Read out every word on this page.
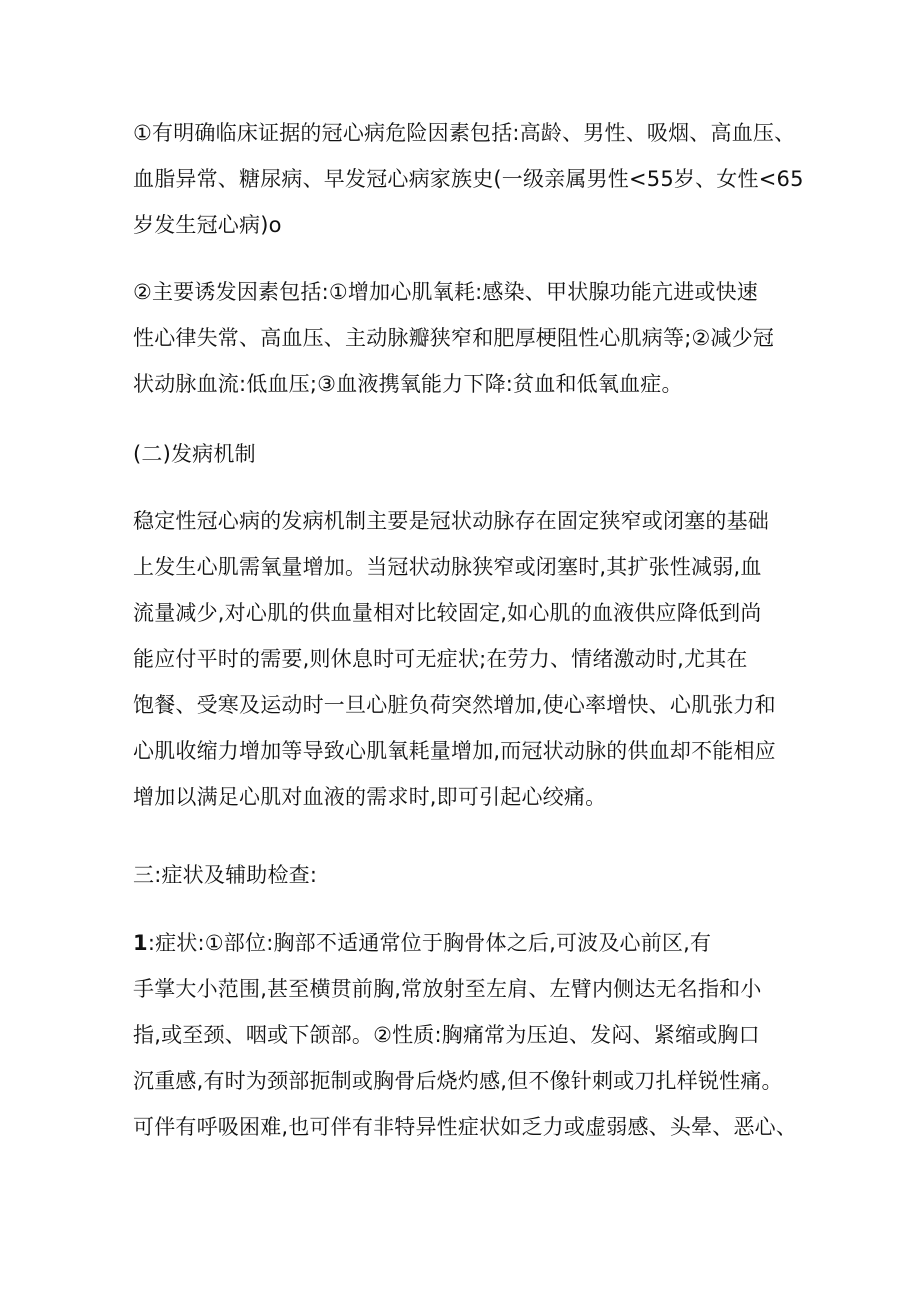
①有明确临床证据的冠心病危险因素包括:高龄、男性、吸烟、高血压、
血脂异常、糖尿病、早发冠心病家族史(一级亲属男性<55岁、女性<65
岁发生冠心病)o
②主要诱发因素包括:①增加心肌氧耗:感染、甲状腺功能亢进或快速
性心律失常、高血压、主动脉瓣狭窄和肥厚梗阻性心肌病等;②减少冠
状动脉血流:低血压;③血液携氧能力下降:贫血和低氧血症。
(二)发病机制
稳定性冠心病的发病机制主要是冠状动脉存在固定狭窄或闭塞的基础
上发生心肌需氧量增加。当冠状动脉狭窄或闭塞时,其扩张性减弱,血
流量减少,对心肌的供血量相对比较固定,如心肌的血液供应降低到尚
能应付平时的需要,则休息时可无症状;在劳力、情绪激动时,尤其在
饱餐、受寒及运动时一旦心脏负荷突然增加,使心率增快、心肌张力和
心肌收缩力增加等导致心肌氧耗量增加,而冠状动脉的供血却不能相应
增加以满足心肌对血液的需求时,即可引起心绞痛。
三:症状及辅助检查:
1:症状:①部位:胸部不适通常位于胸骨体之后,可波及心前区,有
手掌大小范围,甚至横贯前胸,常放射至左肩、左臂内侧达无名指和小
指,或至颈、咽或下颌部。②性质:胸痛常为压迫、发闷、紧缩或胸口
沉重感,有时为颈部扼制或胸骨后烧灼感,但不像针刺或刀扎样锐性痛。
可伴有呼吸困难,也可伴有非特异性症状如乏力或虚弱感、头晕、恶心、
